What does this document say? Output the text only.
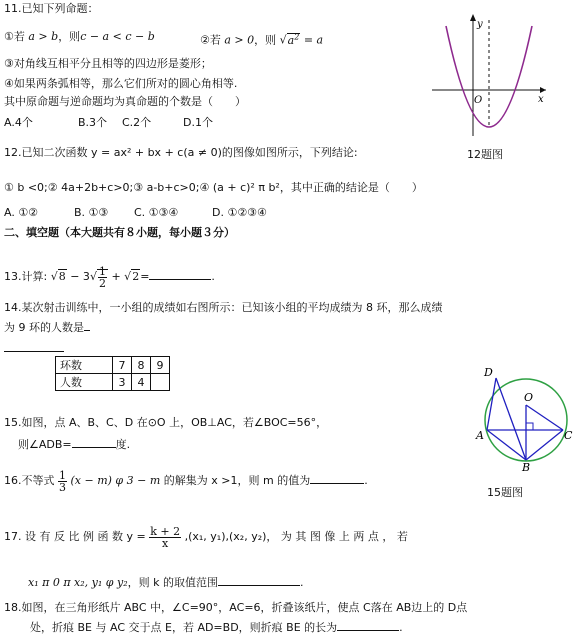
11.已知下列命题：
①若 a > b，则c − a < c − b	②若 a > 0，则 $√a^2 = a$
③对角线互相平分且相等的四边形是菱形；
④如果两条弧相等，那么它们所对的圆心角相等.
其中原命题与逆命题均为真命题的个数是（　　）
A.4个	B.3个 C.2个	D.1个
y
x
O
12题图
12.已知二次函数 y = ax² + bx + c(a ≠ 0)的图像如图所示，下列结论:
① b <0;② 4a+2b+c>0;③ a-b+c>0;④ (a + c)² π b²，其中正确的结论是（　　）
A. ①②	B. ①③ C. ①③④	D. ①②③④
二、填空题（本大题共有８小题，每小题３分）
13.计算: $√8 - 3√ \frac{1}{2} + √2=$	.
14.某次射击训练中，一小组的成绩如右图所示：已知该小组的平均成绩为 8 环，那么成绩
为 9 环的人数是
环数	7	8	9
人数	3	4	
D
O
A	C
B
15题图
15.如图，点 A、B、C、D 在⊙O 上，OB⊥AC，若∠BOC=56°，
则∠ADB=	度.
16.不等式 $\frac{1}{3} (x - m)$ φ 3 − m 的解集为 x >1，则 m 的值为	.
17. 设 有 反 比 例 函 数 $y = \frac{k + 2}{x} ,(x_1$, y₁),(x₂, y₂)， 为 其 图 像 上 两 点 ， 若
x₁ π 0 π x₂, y₁ φ y₂，则 k 的取值范围	.
18.如图，在三角形纸片 ABC 中，∠C=90°，AC=6，折叠该纸片，使点 C落在 AB边上的 D点
处，折痕 BE 与 AC 交于点 E，若 AD=BD，则折痕 BE 的长为	.
